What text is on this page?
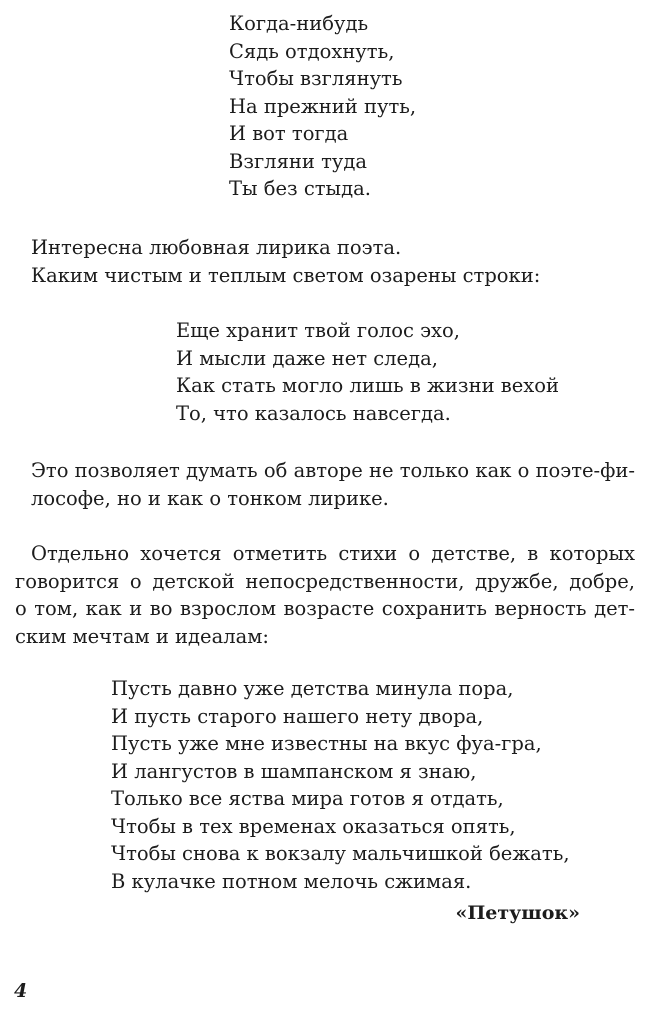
Когда-нибудь
Сядь отдохнуть,
Чтобы взглянуть
На прежний путь,
И вот тогда
Взгляни туда
Ты без стыда.
Интересна любовная лирика поэта.
Каким чистым и теплым светом озарены строки:
Еще хранит твой голос эхо,
И мысли даже нет следа,
Как стать могло лишь в жизни вехой
То, что казалось навсегда.
Это позволяет думать об авторе не только как о поэте-фи-
лософе, но и как о тонком лирике.
Отдельно хочется отметить стихи о детстве, в которых
говорится о детской непосредственности, дружбе, добре,
о том, как и во взрослом возрасте сохранить верность дет-
ским мечтам и идеалам:
Пусть давно уже детства минула пора,
И пусть старого нашего нету двора,
Пусть уже мне известны на вкус фуа-гра,
И лангустов в шампанском я знаю,
Только все яства мира готов я отдать,
Чтобы в тех временах оказаться опять,
Чтобы снова к вокзалу мальчишкой бежать,
В кулачке потном мелочь сжимая.
«Петушок»
4
